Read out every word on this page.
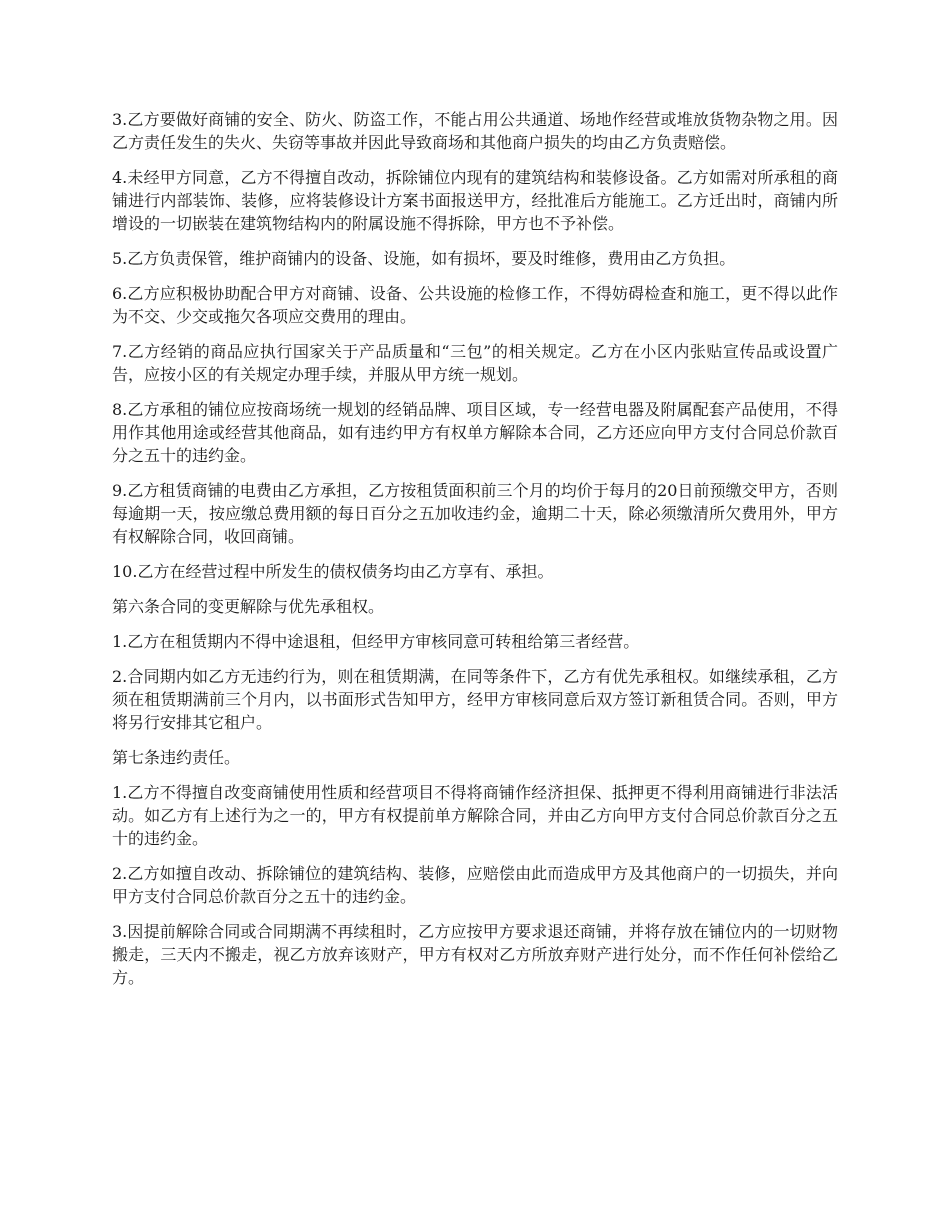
3.乙方要做好商铺的安全、防火、防盗工作，不能占用公共通道、场地作经营或堆放货物杂物之用。因乙方责任发生的失火、失窃等事故并因此导致商场和其他商户损失的均由乙方负责赔偿。

4.未经甲方同意，乙方不得擅自改动，拆除铺位内现有的建筑结构和装修设备。乙方如需对所承租的商铺进行内部装饰、装修，应将装修设计方案书面报送甲方，经批准后方能施工。乙方迁出时，商铺内所增设的一切嵌装在建筑物结构内的附属设施不得拆除，甲方也不予补偿。

5.乙方负责保管，维护商铺内的设备、设施，如有损坏，要及时维修，费用由乙方负担。

6.乙方应积极协助配合甲方对商铺、设备、公共设施的检修工作，不得妨碍检查和施工，更不得以此作为不交、少交或拖欠各项应交费用的理由。

7.乙方经销的商品应执行国家关于产品质量和“三包”的相关规定。乙方在小区内张贴宣传品或设置广告，应按小区的有关规定办理手续，并服从甲方统一规划。

8.乙方承租的铺位应按商场统一规划的经销品牌、项目区域，专一经营电器及附属配套产品使用，不得用作其他用途或经营其他商品，如有违约甲方有权单方解除本合同，乙方还应向甲方支付合同总价款百分之五十的违约金。

9.乙方租赁商铺的电费由乙方承担，乙方按租赁面积前三个月的均价于每月的20日前预缴交甲方，否则每逾期一天，按应缴总费用额的每日百分之五加收违约金，逾期二十天，除必须缴清所欠费用外，甲方有权解除合同，收回商铺。

10.乙方在经营过程中所发生的债权债务均由乙方享有、承担。

第六条合同的变更解除与优先承租权。

1.乙方在租赁期内不得中途退租，但经甲方审核同意可转租给第三者经营。

2.合同期内如乙方无违约行为，则在租赁期满，在同等条件下，乙方有优先承租权。如继续承租，乙方须在租赁期满前三个月内，以书面形式告知甲方，经甲方审核同意后双方签订新租赁合同。否则，甲方将另行安排其它租户。

第七条违约责任。

1.乙方不得擅自改变商铺使用性质和经营项目不得将商铺作经济担保、抵押更不得利用商铺进行非法活动。如乙方有上述行为之一的，甲方有权提前单方解除合同，并由乙方向甲方支付合同总价款百分之五十的违约金。

2.乙方如擅自改动、拆除铺位的建筑结构、装修，应赔偿由此而造成甲方及其他商户的一切损失，并向甲方支付合同总价款百分之五十的违约金。

3.因提前解除合同或合同期满不再续租时，乙方应按甲方要求退还商铺，并将存放在铺位内的一切财物搬走，三天内不搬走，视乙方放弃该财产，甲方有权对乙方所放弃财产进行处分，而不作任何补偿给乙方。
